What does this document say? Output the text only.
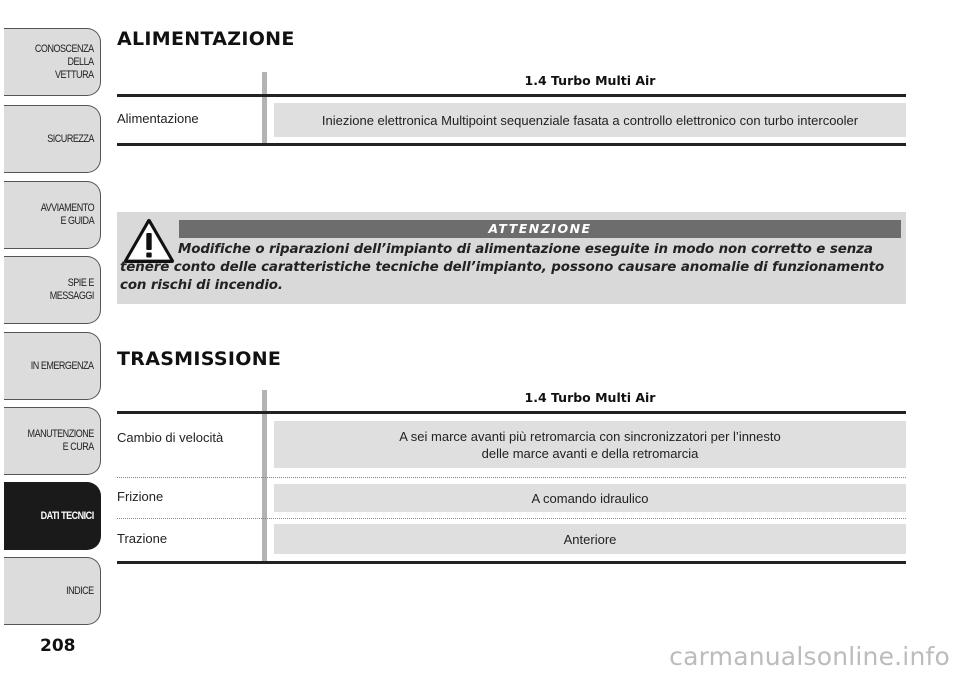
CONOSCENZA
DELLA
VETTURA
SICUREZZA
AVVIAMENTO
E GUIDA
SPIE E
MESSAGGI
IN EMERGENZA
MANUTENZIONE
E CURA
DATI TECNICI
INDICE
208
ALIMENTAZIONE
1.4 Turbo Multi Air
Alimentazione	Iniezione elettronica Multipoint sequenziale fasata a controllo elettronico con turbo intercooler
ATTENZIONE
Modifiche o riparazioni dell’impianto di alimentazione eseguite in modo non corretto e senza tenere conto delle caratteristiche tecniche dell’impianto, possono causare anomalie di funzionamento con rischi di incendio.
TRASMISSIONE
1.4 Turbo Multi Air
Cambio di velocità	A sei marce avanti più retromarcia con sincronizzatori per l’innesto
delle marce avanti e della retromarcia
Frizione	A comando idraulico
Trazione	Anteriore
carmanualsonline.info
